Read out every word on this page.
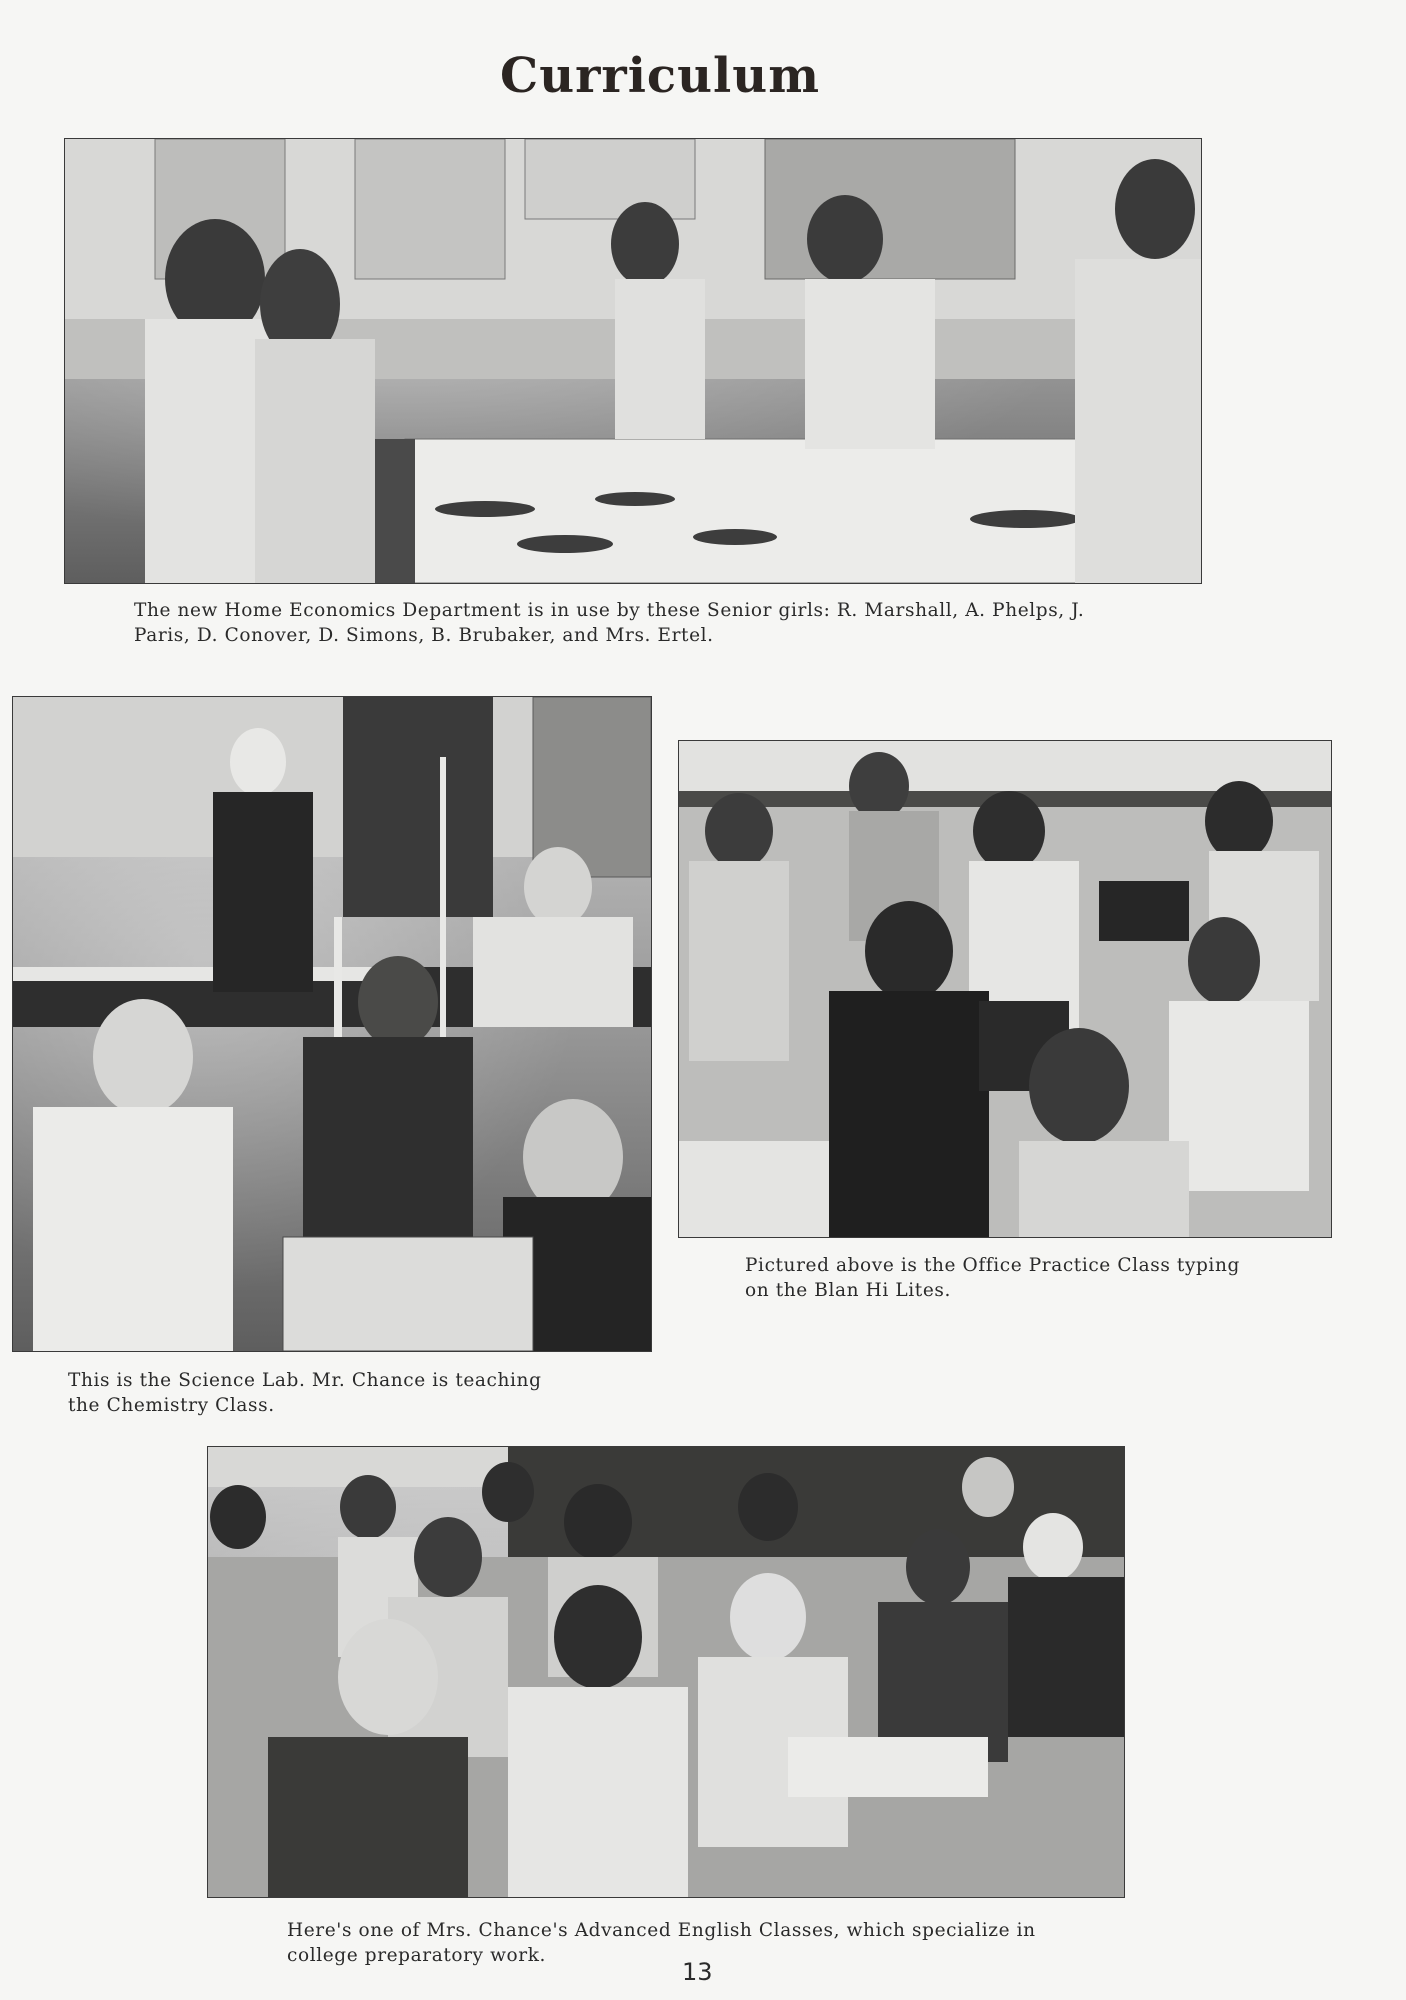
Curriculum
The new Home Economics Department is in use by these Senior girls: R. Marshall, A. Phelps, J.
Paris, D. Conover, D. Simons, B. Brubaker, and Mrs. Ertel.
This is the Science Lab. Mr. Chance is teaching
the Chemistry Class.
Pictured above is the Office Practice Class typing
on the Blan Hi Lites.
Here's one of Mrs. Chance's Advanced English Classes, which specialize in
college preparatory work.
13
